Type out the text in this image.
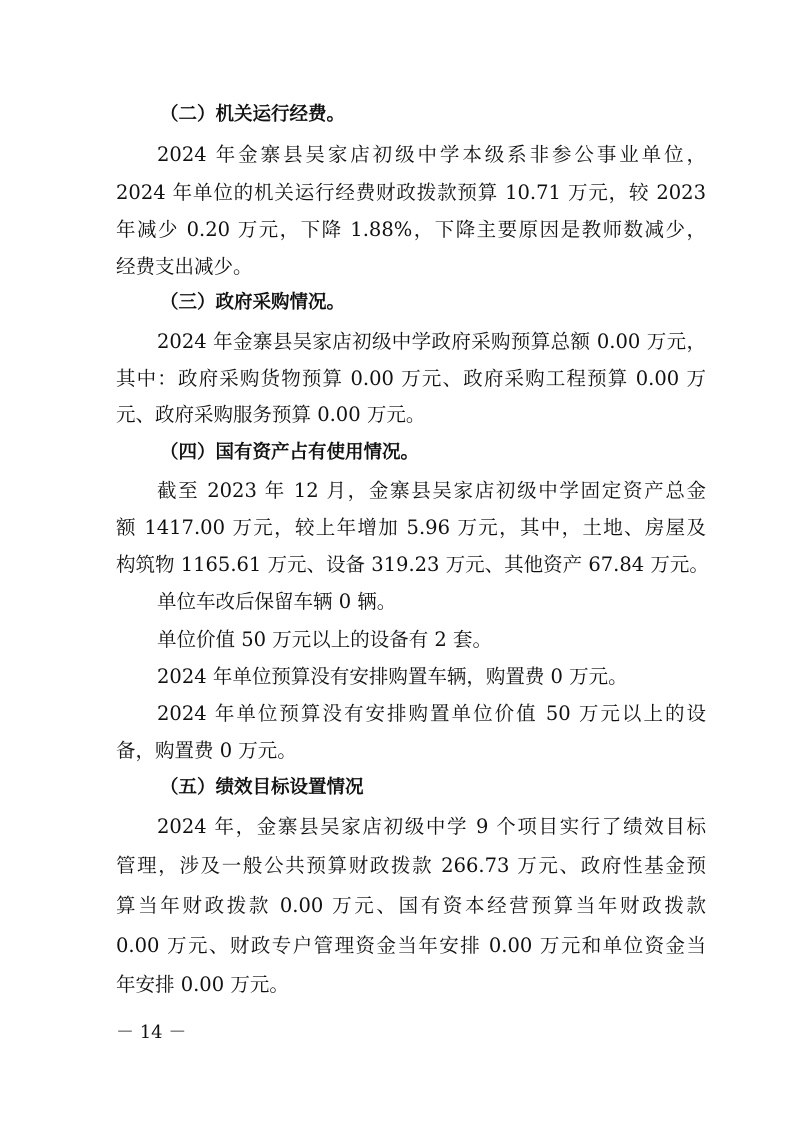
（二）机关运行经费。

2024 年金寨县吴家店初级中学本级系非参公事业单位，

2024 年单位的机关运行经费财政拨款预算 10.71 万元，较 2023

年减少 0.20 万元，下降 1.88%，下降主要原因是教师数减少，

经费支出减少。

（三）政府采购情况。

2024 年金寨县吴家店初级中学政府采购预算总额 0.00 万元，

其中：政府采购货物预算 0.00 万元、政府采购工程预算 0.00 万

元、政府采购服务预算 0.00 万元。

（四）国有资产占有使用情况。

截至 2023 年 12 月，金寨县吴家店初级中学固定资产总金

额 1417.00 万元，较上年增加 5.96 万元，其中，土地、房屋及

构筑物 1165.61 万元、设备 319.23 万元、其他资产 67.84 万元。

单位车改后保留车辆 0 辆。

单位价值 50 万元以上的设备有 2 套。

2024 年单位预算没有安排购置车辆，购置费 0 万元。

2024 年单位预算没有安排购置单位价值 50 万元以上的设

备，购置费 0 万元。

（五）绩效目标设置情况

2024 年，金寨县吴家店初级中学 9 个项目实行了绩效目标

管理，涉及一般公共预算财政拨款 266.73 万元、政府性基金预

算当年财政拨款 0.00 万元、国有资本经营预算当年财政拨款

0.00 万元、财政专户管理资金当年安排 0.00 万元和单位资金当

年安排 0.00 万元。

－ 14 －
